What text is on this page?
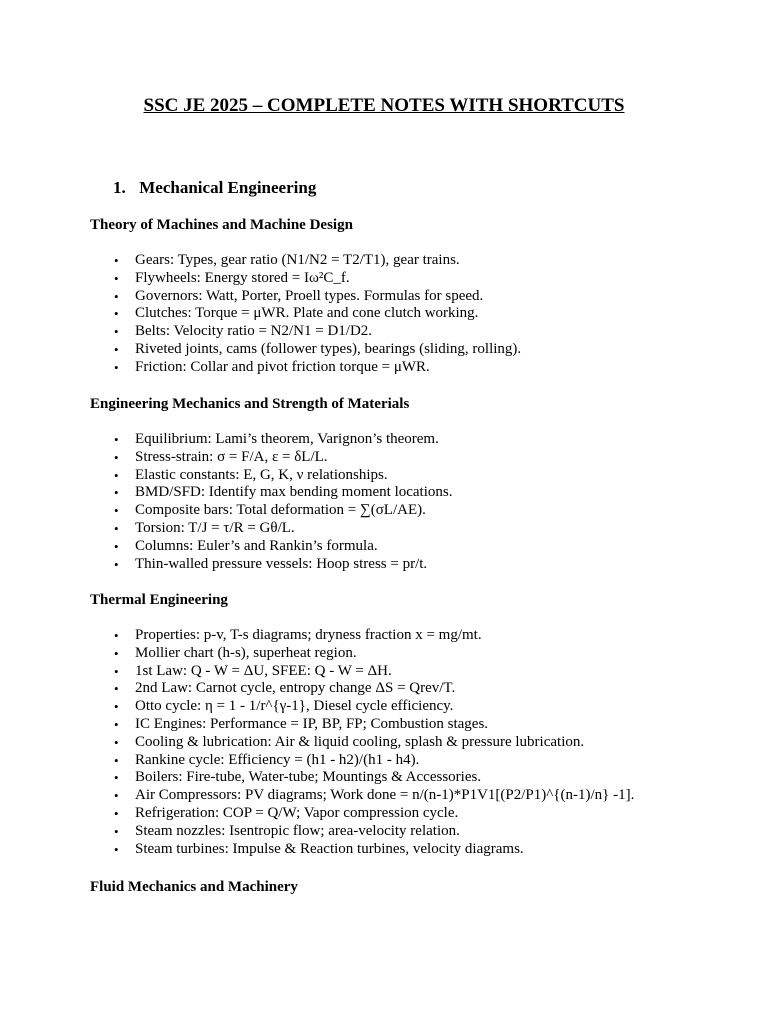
SSC JE 2025 – COMPLETE NOTES WITH SHORTCUTS
1. Mechanical Engineering
Theory of Machines and Machine Design
• Gears: Types, gear ratio (N1/N2 = T2/T1), gear trains.
• Flywheels: Energy stored = Iω²C_f.
• Governors: Watt, Porter, Proell types. Formulas for speed.
• Clutches: Torque = μWR. Plate and cone clutch working.
• Belts: Velocity ratio = N2/N1 = D1/D2.
• Riveted joints, cams (follower types), bearings (sliding, rolling).
• Friction: Collar and pivot friction torque = μWR.
Engineering Mechanics and Strength of Materials
• Equilibrium: Lami’s theorem, Varignon’s theorem.
• Stress-strain: σ = F/A, ε = δL/L.
• Elastic constants: E, G, K, ν relationships.
• BMD/SFD: Identify max bending moment locations.
• Composite bars: Total deformation = ∑(σL/AE).
• Torsion: T/J = τ/R = Gθ/L.
• Columns: Euler’s and Rankin’s formula.
• Thin-walled pressure vessels: Hoop stress = pr/t.
Thermal Engineering
• Properties: p-v, T-s diagrams; dryness fraction x = mg/mt.
• Mollier chart (h-s), superheat region.
• 1st Law: Q - W = ΔU, SFEE: Q - W = ΔH.
• 2nd Law: Carnot cycle, entropy change ΔS = Qrev/T.
• Otto cycle: η = 1 - 1/r^{γ-1}, Diesel cycle efficiency.
• IC Engines: Performance = IP, BP, FP; Combustion stages.
• Cooling & lubrication: Air & liquid cooling, splash & pressure lubrication.
• Rankine cycle: Efficiency = (h1 - h2)/(h1 - h4).
• Boilers: Fire-tube, Water-tube; Mountings & Accessories.
• Air Compressors: PV diagrams; Work done = n/(n-1)*P1V1[(P2/P1)^{(n-1)/n} -1].
• Refrigeration: COP = Q/W; Vapor compression cycle.
• Steam nozzles: Isentropic flow; area-velocity relation.
• Steam turbines: Impulse & Reaction turbines, velocity diagrams.
Fluid Mechanics and Machinery
